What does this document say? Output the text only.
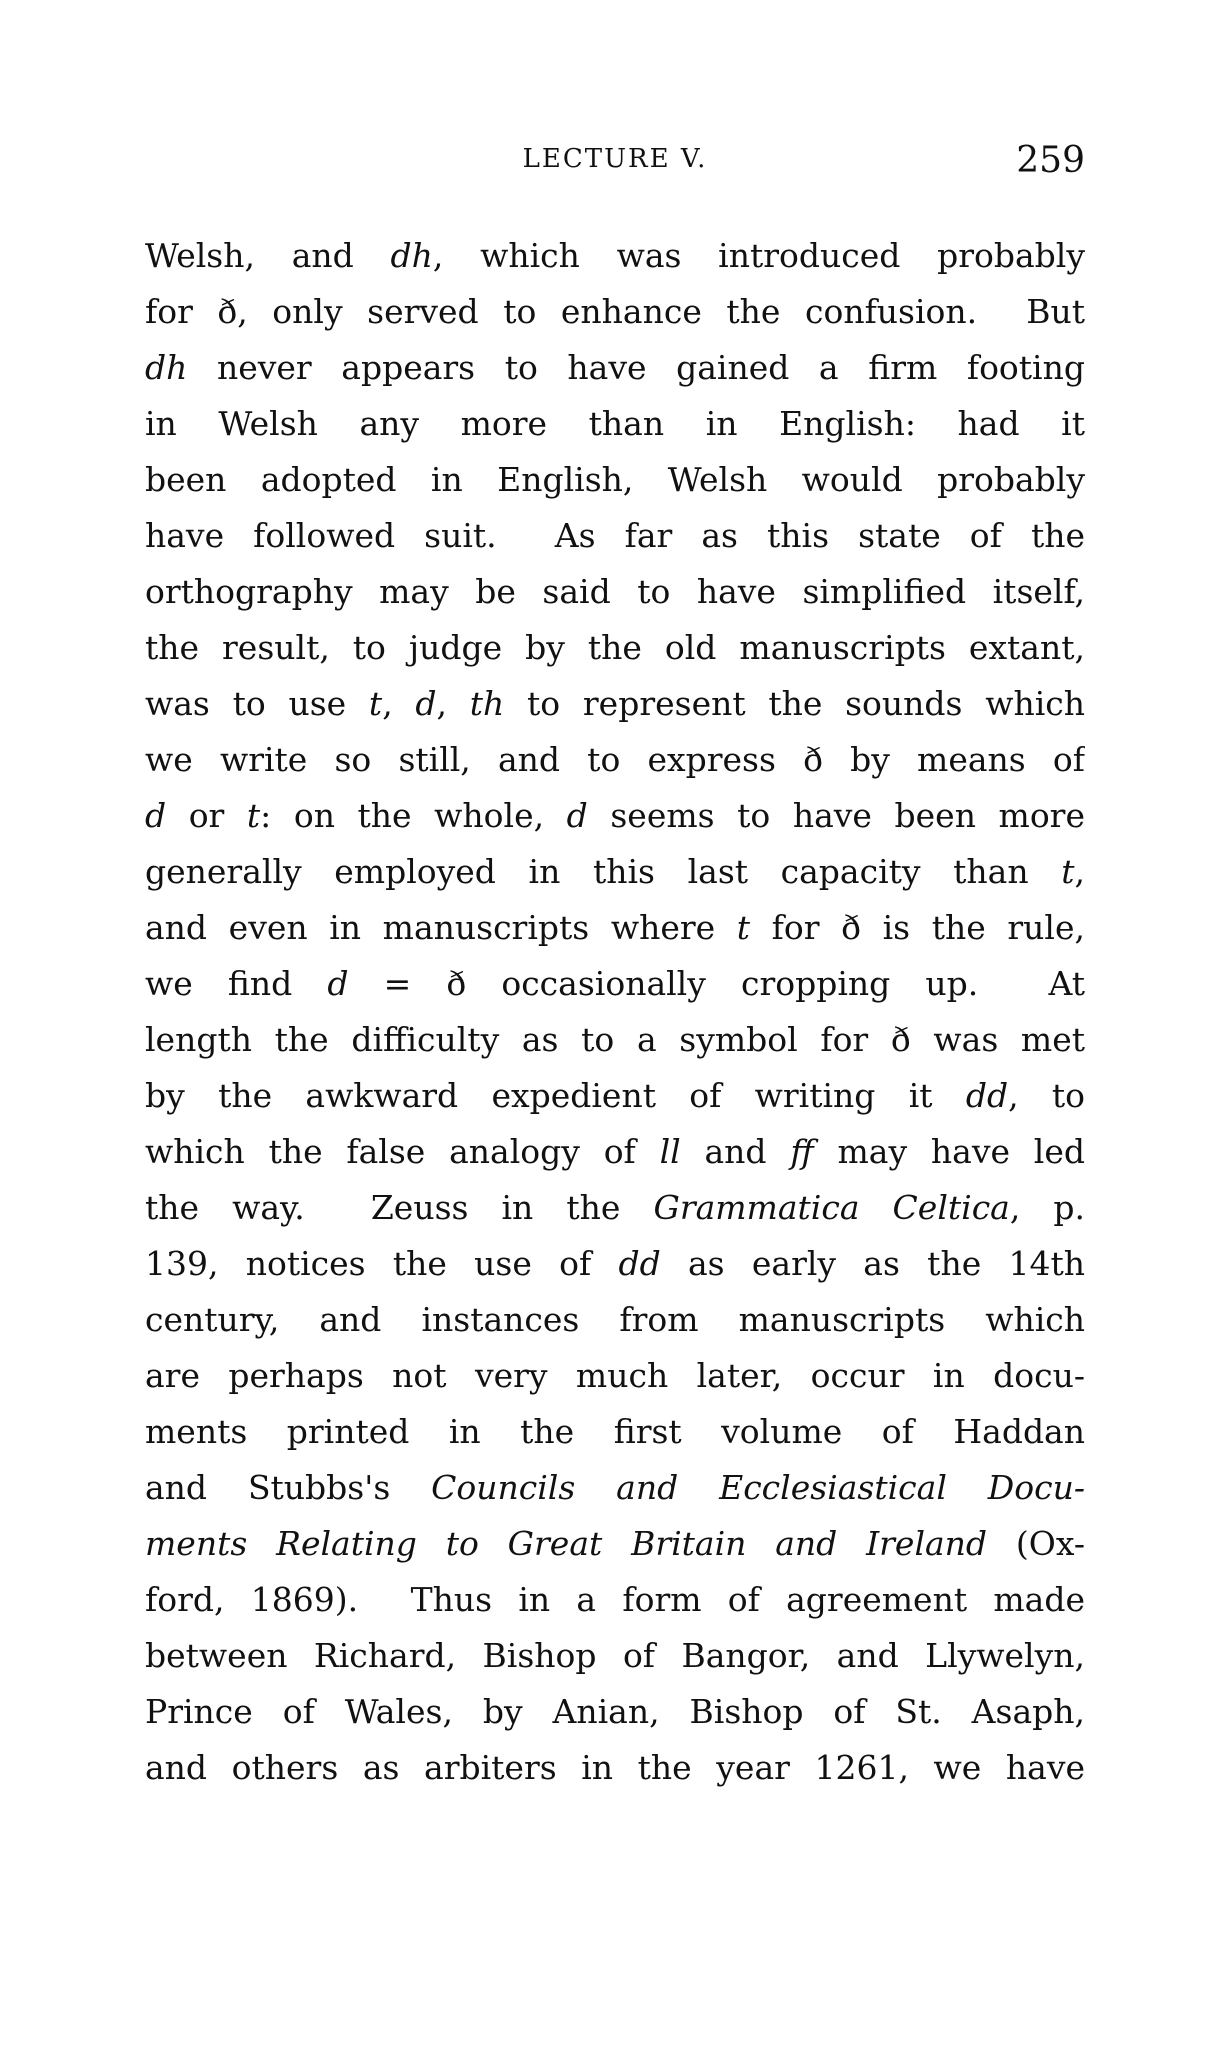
LECTURE V.	259
Welsh, and dh, which was introduced probably
for ð, only served to enhance the confusion.  But
dh never appears to have gained a firm footing
in Welsh any more than in English: had it
been adopted in English, Welsh would probably
have followed suit.  As far as this state of the
orthography may be said to have simplified itself,
the result, to judge by the old manuscripts extant,
was to use t, d, th to represent the sounds which
we write so still, and to express ð by means of
d or t: on the whole, d seems to have been more
generally employed in this last capacity than t,
and even in manuscripts where t for ð is the rule,
we find d = ð occasionally cropping up.  At
length the difficulty as to a symbol for ð was met
by the awkward expedient of writing it dd, to
which the false analogy of ll and ff may have led
the way.  Zeuss in the Grammatica Celtica, p.
139, notices the use of dd as early as the 14th
century, and instances from manuscripts which
are perhaps not very much later, occur in docu-
ments printed in the first volume of Haddan
and Stubbs's Councils and Ecclesiastical Docu-
ments Relating to Great Britain and Ireland (Ox-
ford, 1869).  Thus in a form of agreement made
between Richard, Bishop of Bangor, and Llywelyn,
Prince of Wales, by Anian, Bishop of St. Asaph,
and others as arbiters in the year 1261, we have
